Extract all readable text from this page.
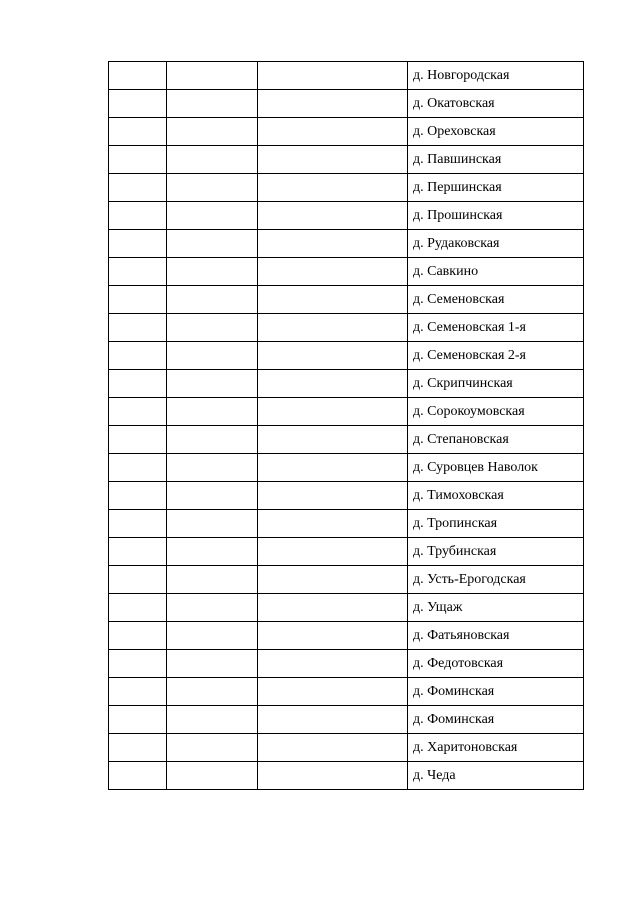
			д. Новгородская
			д. Окатовская
			д. Ореховская
			д. Павшинская
			д. Першинская
			д. Прошинская
			д. Рудаковская
			д. Савкино
			д. Семеновская
			д. Семеновская 1-я
			д. Семеновская 2-я
			д. Скрипчинская
			д. Сорокоумовская
			д. Степановская
			д. Суровцев Наволок
			д. Тимоховская
			д. Тропинская
			д. Трубинская
			д. Усть-Ерогодская
			д. Ущаж
			д. Фатьяновская
			д. Федотовская
			д. Фоминская
			д. Фоминская
			д. Харитоновская
			д. Чеда
